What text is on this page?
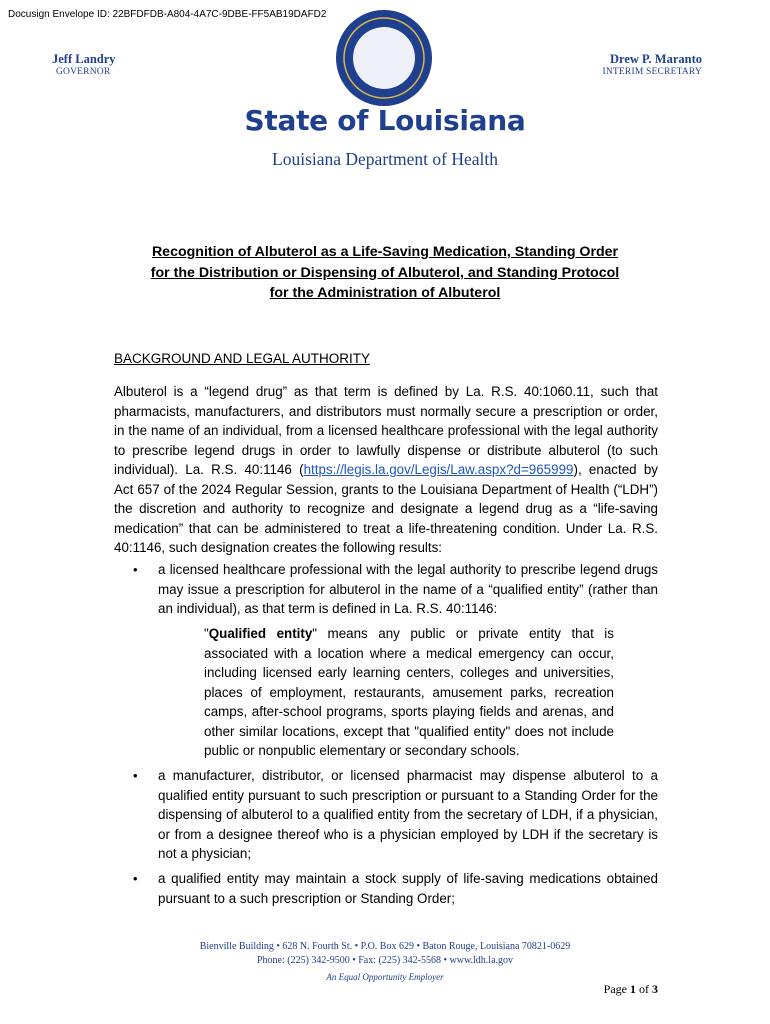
Docusign Envelope ID: 22BFDFDB-A804-4A7C-9DBE-FF5AB19DAFD2
Jeff Landry
GOVERNOR
Drew P. Maranto
INTERIM SECRETARY
State of Louisiana
Louisiana Department of Health
Recognition of Albuterol as a Life-Saving Medication, Standing Order
for the Distribution or Dispensing of Albuterol, and Standing Protocol
for the Administration of Albuterol
BACKGROUND AND LEGAL AUTHORITY
Albuterol is a “legend drug” as that term is defined by La. R.S. 40:1060.11, such that pharmacists, manufacturers, and distributors must normally secure a prescription or order, in the name of an individual, from a licensed healthcare professional with the legal authority to prescribe legend drugs in order to lawfully dispense or distribute albuterol (to such individual). La. R.S. 40:1146 (https://legis.la.gov/Legis/Law.aspx?d=965999), enacted by Act 657 of the 2024 Regular Session, grants to the Louisiana Department of Health (“LDH”) the discretion and authority to recognize and designate a legend drug as a “life-saving medication” that can be administered to treat a life-threatening condition. Under La. R.S. 40:1146, such designation creates the following results:
• a licensed healthcare professional with the legal authority to prescribe legend drugs may issue a prescription for albuterol in the name of a “qualified entity” (rather than an individual), as that term is defined in La. R.S. 40:1146:
"Qualified entity" means any public or private entity that is associated with a location where a medical emergency can occur, including licensed early learning centers, colleges and universities, places of employment, restaurants, amusement parks, recreation camps, after-school programs, sports playing fields and arenas, and other similar locations, except that "qualified entity" does not include public or nonpublic elementary or secondary schools.
• a manufacturer, distributor, or licensed pharmacist may dispense albuterol to a qualified entity pursuant to such prescription or pursuant to a Standing Order for the dispensing of albuterol to a qualified entity from the secretary of LDH, if a physician, or from a designee thereof who is a physician employed by LDH if the secretary is not a physician;
• a qualified entity may maintain a stock supply of life-saving medications obtained pursuant to a such prescription or Standing Order;
Bienville Building • 628 N. Fourth St. • P.O. Box 629 • Baton Rouge, Louisiana 70821-0629
Phone: (225) 342-9500 • Fax: (225) 342-5568 • www.ldh.la.gov
An Equal Opportunity Employer
Page 1 of 3
